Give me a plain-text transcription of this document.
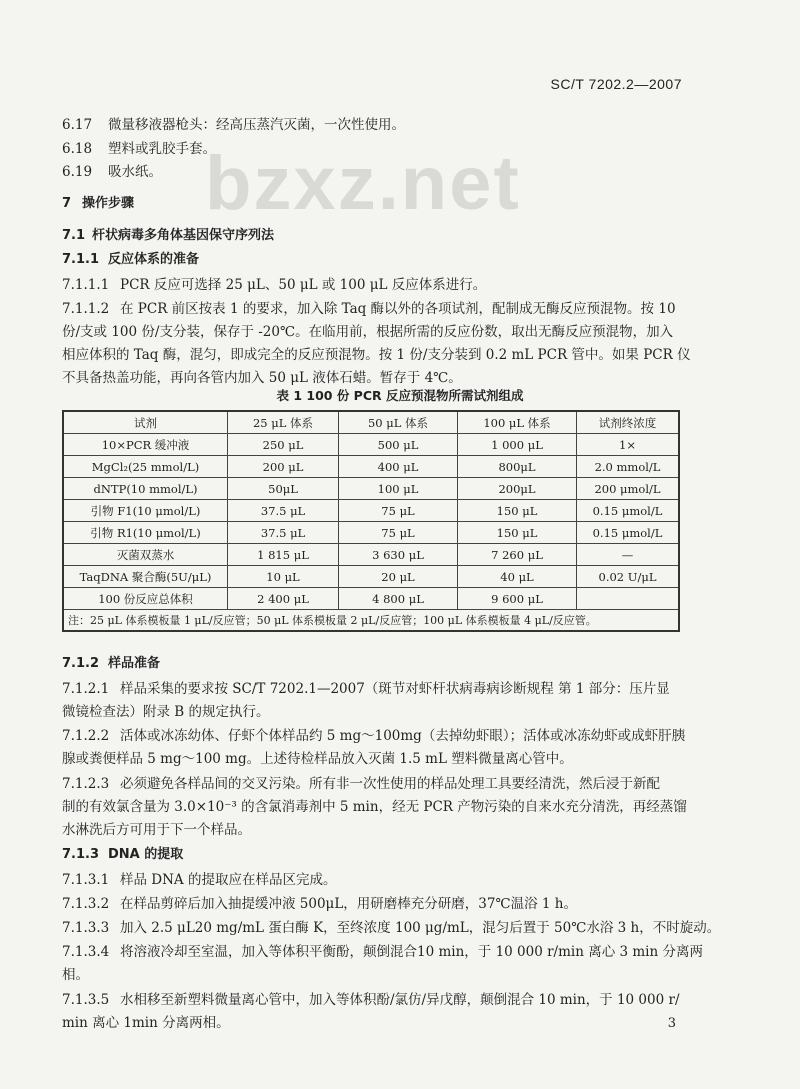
SC/T 7202.2—2007
bzxz.net
6.17 微量移液器枪头：经高压蒸汽灭菌，一次性使用。
6.18 塑料或乳胶手套。
6.19 吸水纸。
7 操作步骤
7.1 杆状病毒多角体基因保守序列法
7.1.1 反应体系的准备
7.1.1.1 PCR 反应可选择 25 μL、50 μL 或 100 μL 反应体系进行。
7.1.1.2 在 PCR 前区按表 1 的要求，加入除 Taq 酶以外的各项试剂，配制成无酶反应预混物。按 10
份/支或 100 份/支分装，保存于 -20℃。在临用前，根据所需的反应份数，取出无酶反应预混物，加入
相应体积的 Taq 酶，混匀，即成完全的反应预混物。按 1 份/支分装到 0.2 mL PCR 管中。如果 PCR 仪
不具备热盖功能，再向各管内加入 50 μL 液体石蜡。暂存于 4℃。
表 1 100 份 PCR 反应预混物所需试剂组成
试剂	25 μL 体系	50 μL 体系	100 μL 体系	试剂终浓度
10×PCR 缓冲液	250 μL	500 μL	1 000 μL	1×
MgCl₂(25 mmol/L)	200 μL	400 μL	800μL	2.0 mmol/L
dNTP(10 mmol/L)	50μL	100 μL	200μL	200 μmol/L
引物 F1(10 μmol/L)	37.5 μL	75 μL	150 μL	0.15 μmol/L
引物 R1(10 μmol/L)	37.5 μL	75 μL	150 μL	0.15 μmol/L
灭菌双蒸水	1 815 μL	3 630 μL	7 260 μL	—
TaqDNA 聚合酶(5U/μL)	10 μL	20 μL	40 μL	0.02 U/μL
100 份反应总体积	2 400 μL	4 800 μL	9 600 μL	
注：25 μL 体系模板量 1 μL/反应管；50 μL 体系模板量 2 μL/反应管；100 μL 体系模板量 4 μL/反应管。				
7.1.2 样品准备
7.1.2.1 样品采集的要求按 SC/T 7202.1—2007（斑节对虾杆状病毒病诊断规程 第 1 部分：压片显
微镜检查法）附录 B 的规定执行。
7.1.2.2 活体或冰冻幼体、仔虾个体样品约 5 mg～100mg（去掉幼虾眼）；活体或冰冻幼虾或成虾肝胰
腺或粪便样品 5 mg～100 mg。上述待检样品放入灭菌 1.5 mL 塑料微量离心管中。
7.1.2.3 必须避免各样品间的交叉污染。所有非一次性使用的样品处理工具要经清洗，然后浸于新配
制的有效氯含量为 3.0×10⁻³ 的含氯消毒剂中 5 min，经无 PCR 产物污染的自来水充分清洗，再经蒸馏
水淋洗后方可用于下一个样品。
7.1.3 DNA 的提取
7.1.3.1 样品 DNA 的提取应在样品区完成。
7.1.3.2 在样品剪碎后加入抽提缓冲液 500μL，用研磨棒充分研磨，37℃温浴 1 h。
7.1.3.3 加入 2.5 μL20 mg/mL 蛋白酶 K，至终浓度 100 μg/mL，混匀后置于 50℃水浴 3 h，不时旋动。
7.1.3.4 将溶液冷却至室温，加入等体积平衡酚，颠倒混合10 min，于 10 000 r/min 离心 3 min 分离两
相。
7.1.3.5 水相移至新塑料微量离心管中，加入等体积酚/氯仿/异戊醇，颠倒混合 10 min，于 10 000 r/
min 离心 1min 分离两相。	3
